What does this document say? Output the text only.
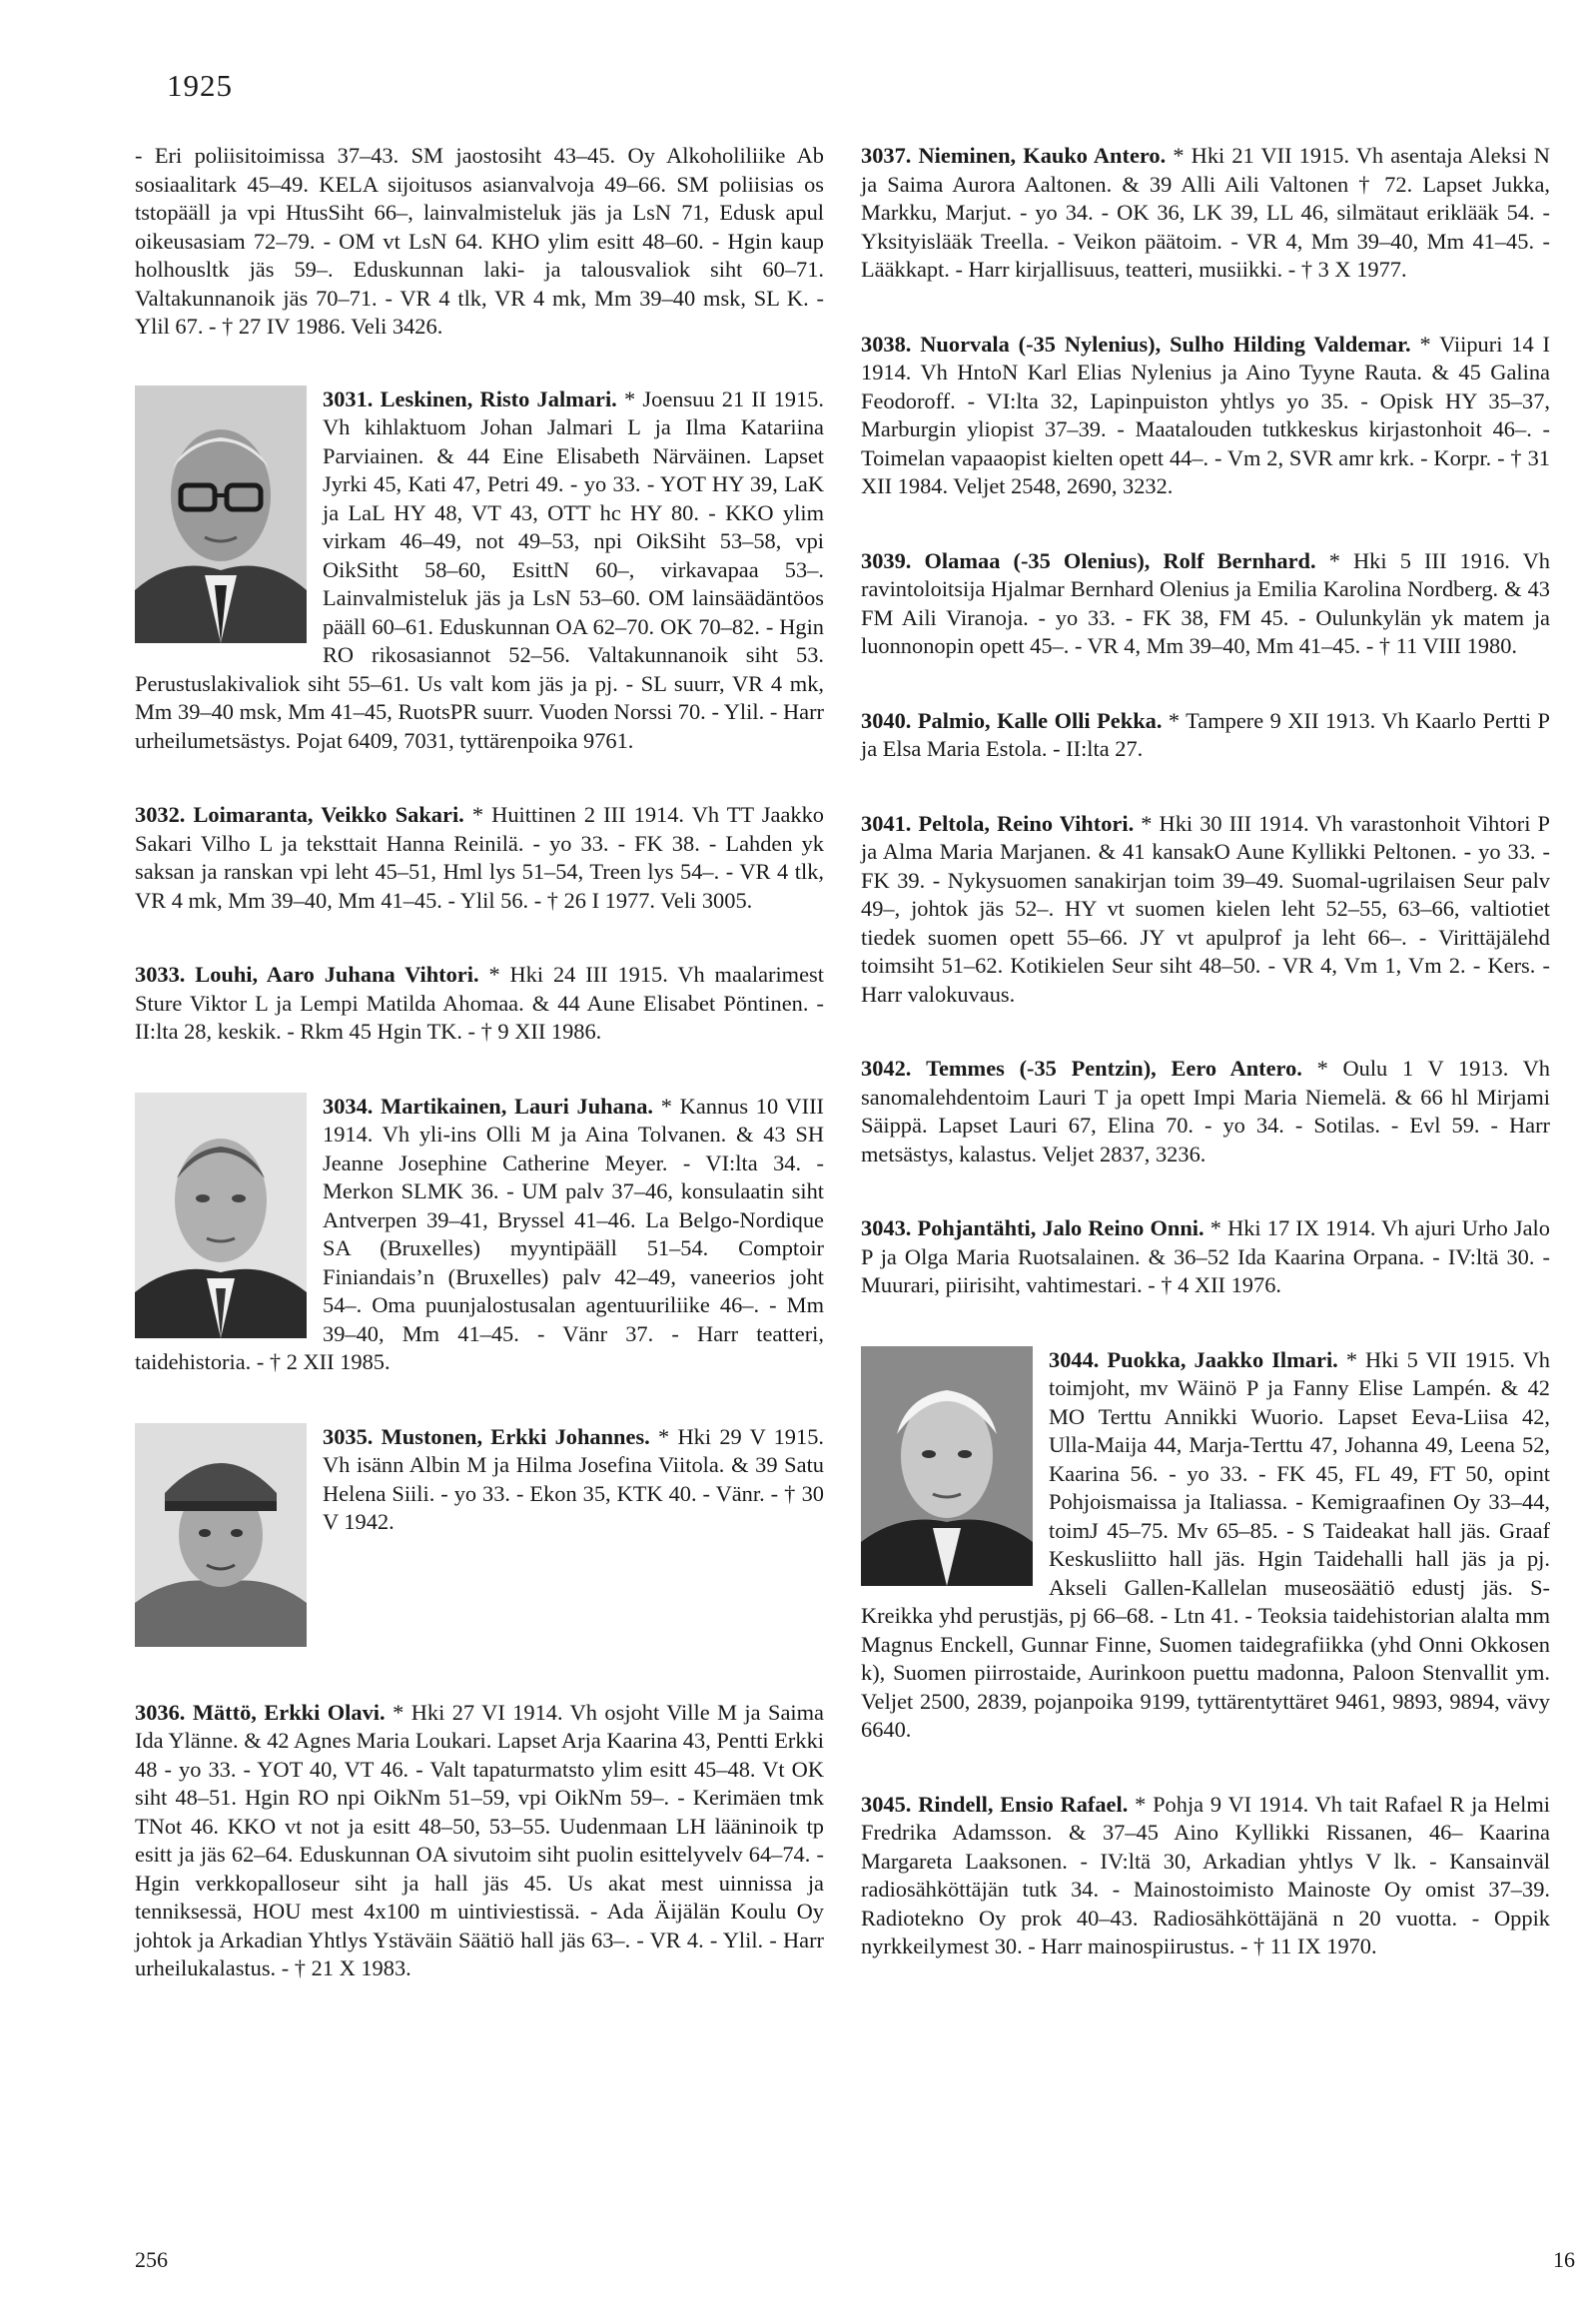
1925

- Eri poliisitoimissa 37–43. SM jaostosiht 43–45. Oy Alkoholiliike Ab sosiaalitark 45–49. KELA sijoitusos asianvalvoja 49–66. SM poliisias os tstopääll ja vpi HtusSiht 66–, lainvalmisteluk jäs ja LsN 71, Edusk apul oikeusasiam 72–79. - OM vt LsN 64. KHO ylim esitt 48–60. - Hgin kaup holhousltk jäs 59–. Eduskunnan laki- ja talousvaliok siht 60–71. Valtakunnanoik jäs 70–71. - VR 4 tlk, VR 4 mk, Mm 39–40 msk, SL K. - Ylil 67. - † 27 IV 1986. Veli 3426.

3031. Leskinen, Risto Jalmari. * Joensuu 21 II 1915. Vh kihlaktuom Johan Jalmari L ja Ilma Katariina Parviainen. & 44 Eine Elisabeth Närväinen. Lapset Jyrki 45, Kati 47, Petri 49. - yo 33. - YOT HY 39, LaK ja LaL HY 48, VT 43, OTT hc HY 80. - KKO ylim virkam 46–49, not 49–53, npi OikSiht 53–58, vpi OikSitht 58–60, EsittN 60–, virkavapaa 53–. Lainvalmisteluk jäs ja LsN 53–60. OM lainsäädäntöos pääll 60–61. Eduskunnan OA 62–70. OK 70–82. - Hgin RO rikosasiannot 52–56. Valtakunnanoik siht 53. Perustuslakivaliok siht 55–61. Us valt kom jäs ja pj. - SL suurr, VR 4 mk, Mm 39–40 msk, Mm 41–45, RuotsPR suurr. Vuoden Norssi 70. - Ylil. - Harr urheilumetsästys. Pojat 6409, 7031, tyttärenpoika 9761.

3032. Loimaranta, Veikko Sakari. * Huittinen 2 III 1914. Vh TT Jaakko Sakari Vilho L ja teksttait Hanna Reinilä. - yo 33. - FK 38. - Lahden yk saksan ja ranskan vpi leht 45–51, Hml lys 51–54, Treen lys 54–. - VR 4 tlk, VR 4 mk, Mm 39–40, Mm 41–45. - Ylil 56. - † 26 I 1977. Veli 3005.

3033. Louhi, Aaro Juhana Vihtori. * Hki 24 III 1915. Vh maalarimest Sture Viktor L ja Lempi Matilda Ahomaa. & 44 Aune Elisabet Pöntinen. - II:lta 28, keskik. - Rkm 45 Hgin TK. - † 9 XII 1986.

3034. Martikainen, Lauri Juhana. * Kannus 10 VIII 1914. Vh yli-ins Olli M ja Aina Tolvanen. & 43 SH Jeanne Josephine Catherine Meyer. - VI:lta 34. - Merkon SLMK 36. - UM palv 37–46, konsulaatin siht Antverpen 39–41, Bryssel 41–46. La Belgo-Nordique SA (Bruxelles) myyntipääll 51–54. Comptoir Finiandais’n (Bruxelles) palv 42–49, vaneerios joht 54–. Oma puunjalostusalan agentuuriliike 46–. - Mm 39–40, Mm 41–45. - Vänr 37. - Harr teatteri, taidehistoria. - † 2 XII 1985.

3035. Mustonen, Erkki Johannes. * Hki 29 V 1915. Vh isänn Albin M ja Hilma Josefina Viitola. & 39 Satu Helena Siili. - yo 33. - Ekon 35, KTK 40. - Vänr. - † 30 V 1942.

3036. Mättö, Erkki Olavi. * Hki 27 VI 1914. Vh osjoht Ville M ja Saima Ida Ylänne. & 42 Agnes Maria Loukari. Lapset Arja Kaarina 43, Pentti Erkki 48 - yo 33. - YOT 40, VT 46. - Valt tapaturmatsto ylim esitt 45–48. Vt OK siht 48–51. Hgin RO npi OikNm 51–59, vpi OikNm 59–. - Kerimäen tmk TNot 46. KKO vt not ja esitt 48–50, 53–55. Uudenmaan LH lääninoik tp esitt ja jäs 62–64. Eduskunnan OA sivutoim siht puolin esittelyvelv 64–74. - Hgin verkkopalloseur siht ja hall jäs 45. Us akat mest uinnissa ja tenniksessä, HOU mest 4x100 m uintiviestissä. - Ada Äijälän Koulu Oy johtok ja Arkadian Yhtlys Ystäväin Säätiö hall jäs 63–. - VR 4. - Ylil. - Harr urheilukalastus. - † 21 X 1983.

3037. Nieminen, Kauko Antero. * Hki 21 VII 1915. Vh asentaja Aleksi N ja Saima Aurora Aaltonen. & 39 Alli Aili Valtonen † 72. Lapset Jukka, Markku, Marjut. - yo 34. - OK 36, LK 39, LL 46, silmätaut eriklääk 54. - Yksityislääk Treella. - Veikon päätoim. - VR 4, Mm 39–40, Mm 41–45. - Lääkkapt. - Harr kirjallisuus, teatteri, musiikki. - † 3 X 1977.

3038. Nuorvala (-35 Nylenius), Sulho Hilding Valdemar. * Viipuri 14 I 1914. Vh HntoN Karl Elias Nylenius ja Aino Tyyne Rauta. & 45 Galina Feodoroff. - VI:lta 32, Lapinpuiston yhtlys yo 35. - Opisk HY 35–37, Marburgin yliopist 37–39. - Maatalouden tutkkeskus kirjastonhoit 46–. - Toimelan vapaaopist kielten opett 44–. - Vm 2, SVR amr krk. - Korpr. - † 31 XII 1984. Veljet 2548, 2690, 3232.

3039. Olamaa (-35 Olenius), Rolf Bernhard. * Hki 5 III 1916. Vh ravintoloitsija Hjalmar Bernhard Olenius ja Emilia Karolina Nordberg. & 43 FM Aili Viranoja. - yo 33. - FK 38, FM 45. - Oulunkylän yk matem ja luonnonopin opett 45–. - VR 4, Mm 39–40, Mm 41–45. - † 11 VIII 1980.

3040. Palmio, Kalle Olli Pekka. * Tampere 9 XII 1913. Vh Kaarlo Pertti P ja Elsa Maria Estola. - II:lta 27.

3041. Peltola, Reino Vihtori. * Hki 30 III 1914. Vh varastonhoit Vihtori P ja Alma Maria Marjanen. & 41 kansakO Aune Kyllikki Peltonen. - yo 33. - FK 39. - Nykysuomen sanakirjan toim 39–49. Suomal-ugrilaisen Seur palv 49–, johtok jäs 52–. HY vt suomen kielen leht 52–55, 63–66, valtiotiet tiedek suomen opett 55–66. JY vt apulprof ja leht 66–. - Virittäjälehd toimsiht 51–62. Kotikielen Seur siht 48–50. - VR 4, Vm 1, Vm 2. - Kers. - Harr valokuvaus.

3042. Temmes (-35 Pentzin), Eero Antero. * Oulu 1 V 1913. Vh sanomalehdentoim Lauri T ja opett Impi Maria Niemelä. & 66 hl Mirjami Säippä. Lapset Lauri 67, Elina 70. - yo 34. - Sotilas. - Evl 59. - Harr metsästys, kalastus. Veljet 2837, 3236.

3043. Pohjantähti, Jalo Reino Onni. * Hki 17 IX 1914. Vh ajuri Urho Jalo P ja Olga Maria Ruotsalainen. & 36–52 Ida Kaarina Orpana. - IV:ltä 30. - Muurari, piirisiht, vahtimestari. - † 4 XII 1976.

3044. Puokka, Jaakko Ilmari. * Hki 5 VII 1915. Vh toimjoht, mv Wäinö P ja Fanny Elise Lampén. & 42 MO Terttu Annikki Wuorio. Lapset Eeva-Liisa 42, Ulla-Maija 44, Marja-Terttu 47, Johanna 49, Leena 52, Kaarina 56. - yo 33. - FK 45, FL 49, FT 50, opint Pohjoismaissa ja Italiassa. - Kemigraafinen Oy 33–44, toimJ 45–75. Mv 65–85. - S Taideakat hall jäs. Graaf Keskusliitto hall jäs. Hgin Taidehalli hall jäs ja pj. Akseli Gallen-Kallelan museosäätiö edustj jäs. S-Kreikka yhd perustjäs, pj 66–68. - Ltn 41. - Teoksia taidehistorian alalta mm Magnus Enckell, Gunnar Finne, Suomen taidegrafiikka (yhd Onni Okkosen k), Suomen piirrostaide, Aurinkoon puettu madonna, Paloon Stenvallit ym. Veljet 2500, 2839, pojanpoika 9199, tyttärentyttäret 9461, 9893, 9894, vävy 6640.

3045. Rindell, Ensio Rafael. * Pohja 9 VI 1914. Vh tait Rafael R ja Helmi Fredrika Adamsson. & 37–45 Aino Kyllikki Rissanen, 46– Kaarina Margareta Laaksonen. - IV:ltä 30, Arkadian yhtlys V lk. - Kansainväl radiosähköttäjän tutk 34. - Mainostoimisto Mainoste Oy omist 37–39. Radiotekno Oy prok 40–43. Radiosähköttäjänä n 20 vuotta. - Oppik nyrkkeilymest 30. - Harr mainospiirustus. - † 11 IX 1970.

256	16
